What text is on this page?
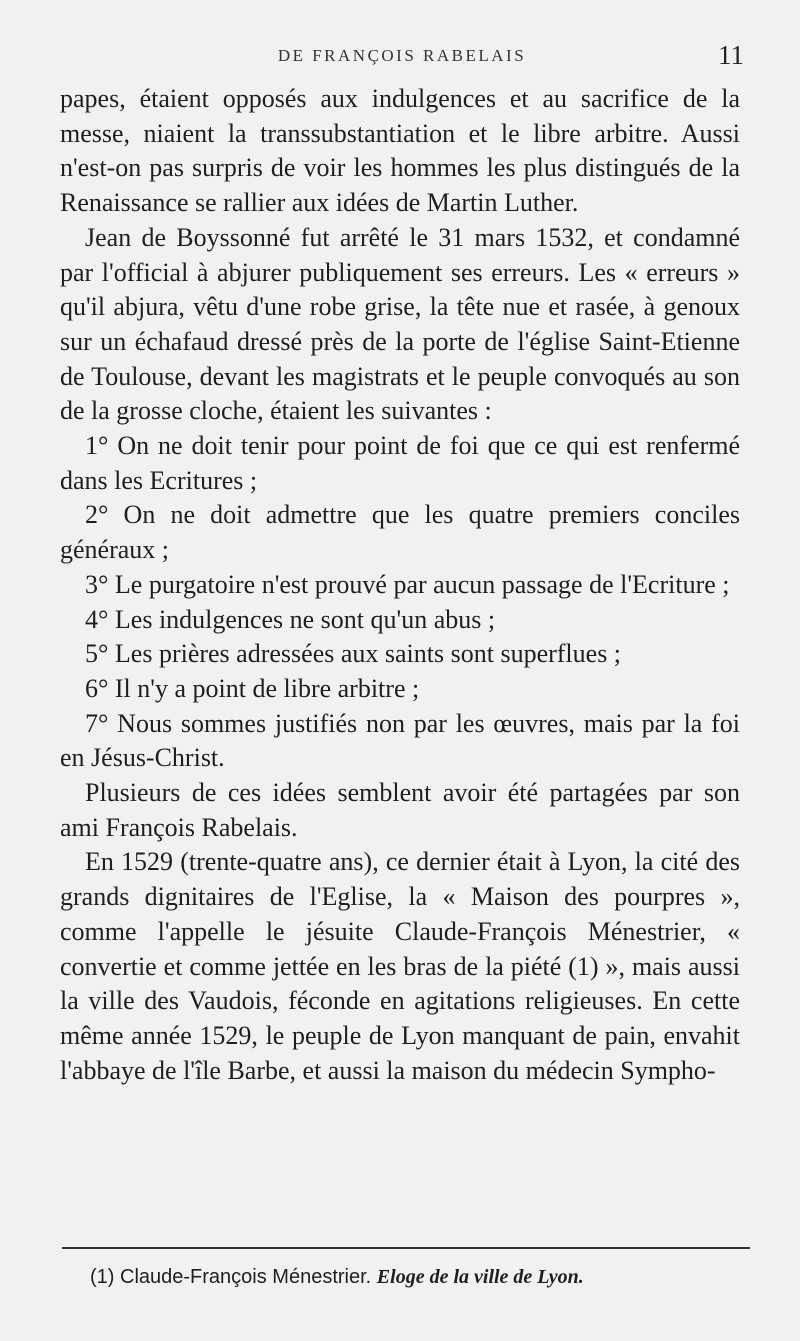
DE FRANÇOIS RABELAIS	11

papes, étaient opposés aux indulgences et au sacrifice de la messe, niaient la transsubstantiation et le libre arbitre. Aussi n'est-on pas surpris de voir les hommes les plus distingués de la Renaissance se rallier aux idées de Martin Luther.

Jean de Boyssonné fut arrêté le 31 mars 1532, et condamné par l'official à abjurer publiquement ses erreurs. Les « erreurs » qu'il abjura, vêtu d'une robe grise, la tête nue et rasée, à genoux sur un échafaud dressé près de la porte de l'église Saint-Etienne de Toulouse, devant les magistrats et le peuple convoqués au son de la grosse cloche, étaient les suivantes :

1° On ne doit tenir pour point de foi que ce qui est renfermé dans les Ecritures ;

2° On ne doit admettre que les quatre premiers conciles généraux ;

3° Le purgatoire n'est prouvé par aucun passage de l'Ecriture ;

4° Les indulgences ne sont qu'un abus ;

5° Les prières adressées aux saints sont superflues ;

6° Il n'y a point de libre arbitre ;

7° Nous sommes justifiés non par les œuvres, mais par la foi en Jésus-Christ.

Plusieurs de ces idées semblent avoir été partagées par son ami François Rabelais.

En 1529 (trente-quatre ans), ce dernier était à Lyon, la cité des grands dignitaires de l'Eglise, la « Maison des pourpres », comme l'appelle le jésuite Claude-François Ménestrier, « convertie et comme jettée en les bras de la piété (1) », mais aussi la ville des Vaudois, féconde en agitations religieuses. En cette même année 1529, le peuple de Lyon manquant de pain, envahit l'abbaye de l'île Barbe, et aussi la maison du médecin Sympho-

(1) Claude-François Ménestrier. Eloge de la ville de Lyon.
